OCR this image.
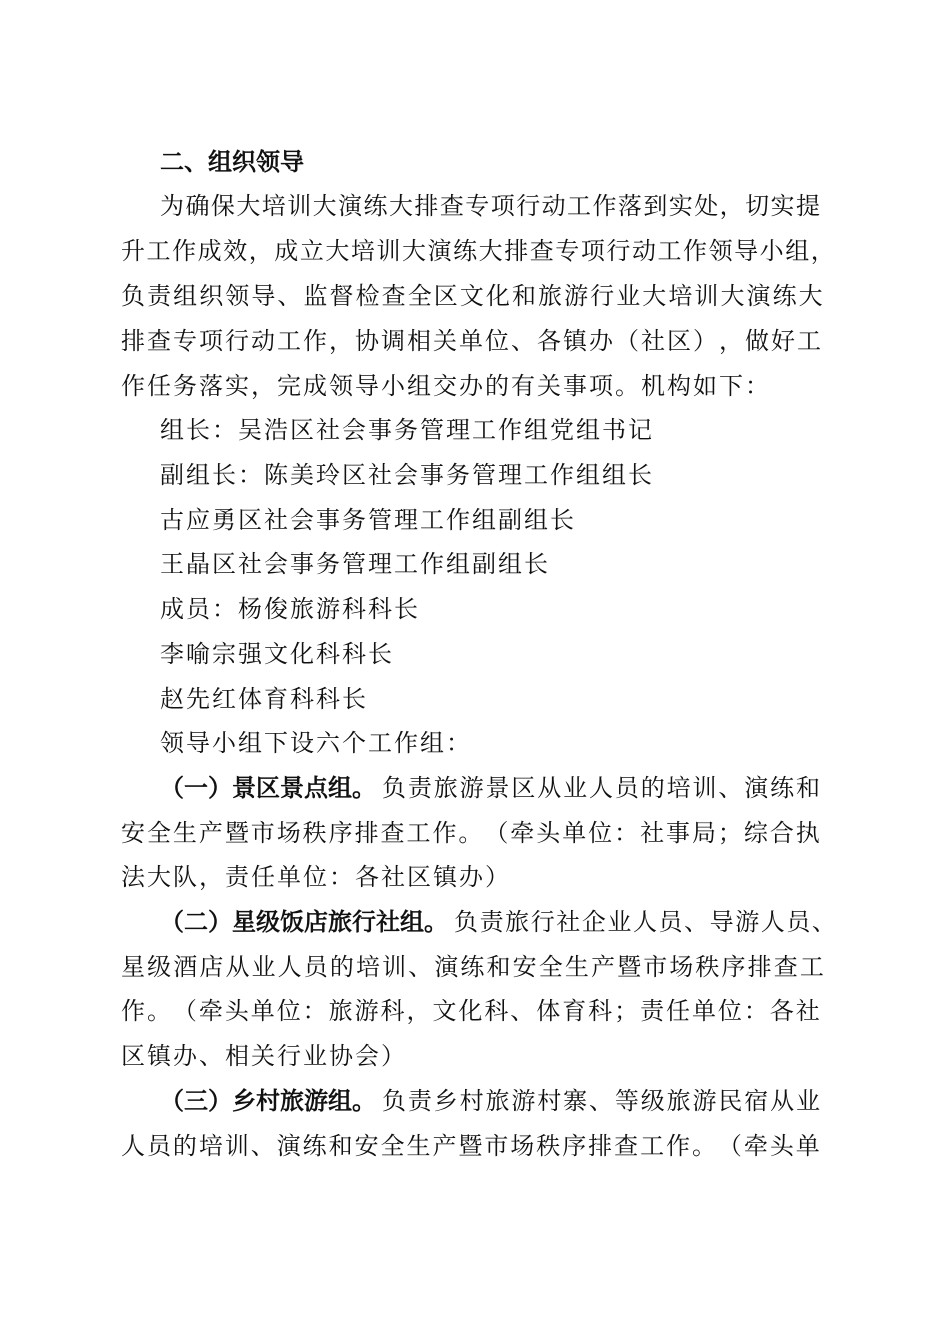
二、组织领导
为 确 保 大 培 训 大 演 练 大 排 查 专 项 行 动 工 作 落 到 实 处 ， 切 实 提
升 工 作 成 效 ， 成 立 大 培 训 大 演 练 大 排 查 专 项 行 动 工 作 领 导 小 组 ，
负 责 组 织 领 导 、 监 督 检 查 全 区 文 化 和 旅 游 行 业 大 培 训 大 演 练 大
排 查 专 项 行 动 工 作 ， 协 调 相 关 单 位 、 各 镇 办 （ 社 区 ） ， 做 好 工
作任务落实，完成领导小组交办的有关事项。机构如下：
组长：吴浩区社会事务管理工作组党组书记
副组长：陈美玲区社会事务管理工作组组长
古应勇区社会事务管理工作组副组长
王晶区社会事务管理工作组副组长
成员：杨俊旅游科科长
李喻宗强文化科科长
赵先红体育科科长
领导小组下设六个工作组：
（一）景区景点组。 负 责 旅 游 景 区 从 业 人 员 的 培 训 、 演 练 和
安 全 生 产 暨 市 场 秩 序 排 查 工 作 。 （ 牵 头 单 位 ： 社 事 局 ； 综 合 执
法大队，责任单位：各社区镇办）
（二）星级饭店旅行社组。 负 责 旅 行 社 企 业 人 员 、 导 游 人 员 、
星 级 酒 店 从 业 人 员 的 培 训 、 演 练 和 安 全 生 产 暨 市 场 秩 序 排 查 工
作 。 （ 牵 头 单 位 ： 旅 游 科 ， 文 化 科 、 体 育 科 ； 责 任 单 位 ： 各 社
区镇办、相关行业协会）
（三）乡村旅游组。 负 责 乡 村 旅 游 村 寨 、 等 级 旅 游 民 宿 从 业
人 员 的 培 训 、 演 练 和 安 全 生 产 暨 市 场 秩 序 排 查 工 作 。 （ 牵 头 单
